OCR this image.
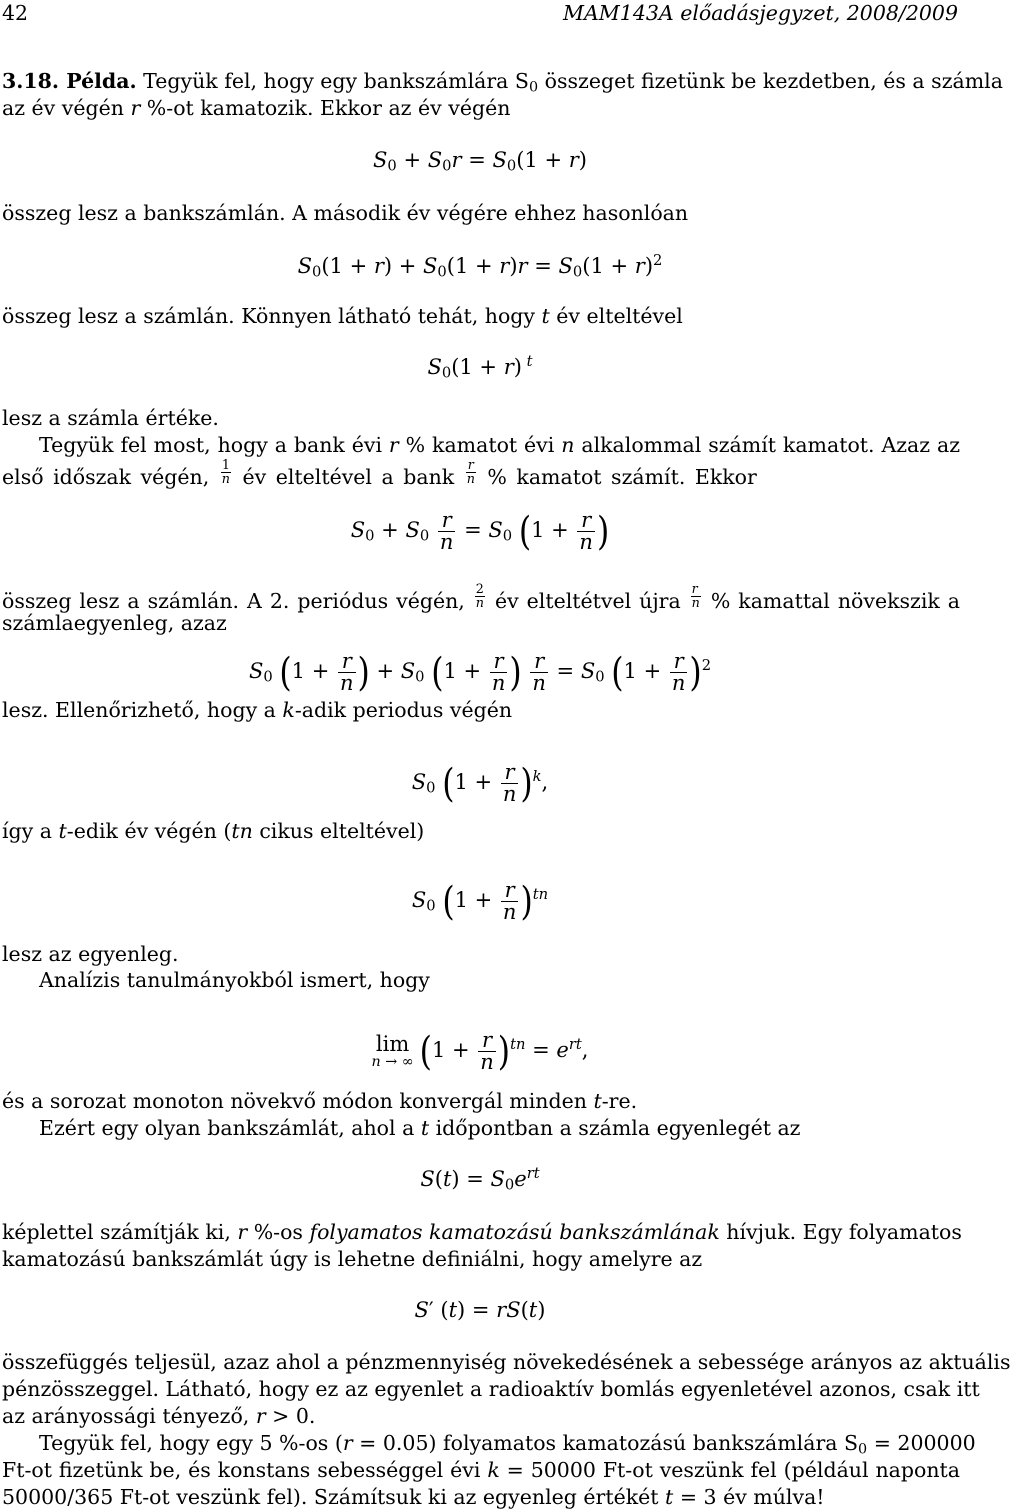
42	MAM143A előadásjegyzet, 2008/2009
3.18. Példa. Tegyük fel, hogy egy bankszámlára $S_0$ összeget fizetünk be kezdetben, és a számla
az év végén r %-ot kamatozik. Ekkor az év végén
$S_0 + S_0r = S_0(1 + r)$
összeg lesz a bankszámlán. A második év végére ehhez hasonlóan
$S_0(1 + r) + S_0(1 + r)r = S_0(1 + r)^2$
összeg lesz a számlán. Könnyen látható tehát, hogy t év elteltével
$S_0(1 + r)$ $^t$
lesz a számla értéke.
Tegyük fel most, hogy a bank évi r % kamatot évi n alkalommal számít kamatot. Azaz az
első időszak végén, $\frac{1}{n}$ év elteltével a bank $\frac{r}{n}$ % kamatot számít. Ekkor
$S_0 + S_0 \frac{r}{n} = S_0$ ($1 + \frac{r}{n}$ )
összeg lesz a számlán. A 2. periódus végén, $\frac{2}{n}$ év elteltétvel újra $\frac{r}{n}$ % kamattal növekszik a
számlaegyenleg, azaz
$S_0$ ($1 + \frac{r}{n}$ ) + $S_0$ ($1 + \frac{r}{n}$ ) $\frac{r}{n} = S_0$ $(1 + \frac{r}{n} )^2$
lesz. Ellenőrizhető, hogy a k-adik periodus végén
$S_0$ $(1 + \frac{r}{n} )^k$,
így a t-edik év végén (tn cikus elteltével)
$S_0$ $(1 + \frac{r}{n} )^{tn}$
lesz az egyenleg.
Analízis tanulmányokból ismert, hogy
lim
n → ∞ $(1 + \frac{r}{n} )^{tn} = e^{rt}$,
és a sorozat monoton növekvő módon konvergál minden t-re.
Ezért egy olyan bankszámlát, ahol a t időpontban a számla egyenlegét az
$S(t) = S_0e^{rt}$
képlettel számítják ki, r %-os folyamatos kamatozású bankszámlának hívjuk. Egy folyamatos
kamatozású bankszámlát úgy is lehetne definiálni, hogy amelyre az
S′ (t) = rS(t)
összefüggés teljesül, azaz ahol a pénzmennyiség növekedésének a sebessége arányos az aktuális
pénzösszeggel. Látható, hogy ez az egyenlet a radioaktív bomlás egyenletével azonos, csak itt
az arányossági tényező, r > 0.
Tegyük fel, hogy egy 5 %-os (r = 0.05) folyamatos kamatozású bankszámlára $S_0 = 200000$
Ft-ot fizetünk be, és konstans sebességgel évi k = 50000 Ft-ot veszünk fel (például naponta
50000/365 Ft-ot veszünk fel). Számítsuk ki az egyenleg értékét t = 3 év múlva!
